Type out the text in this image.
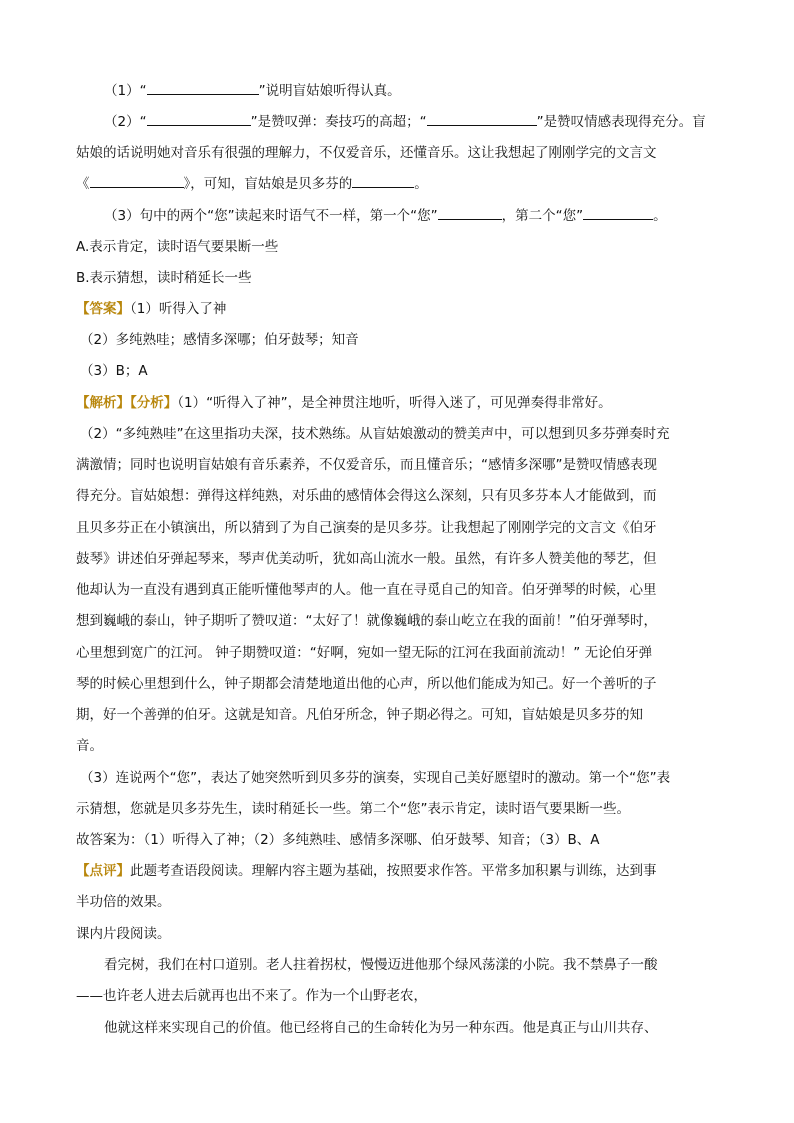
（1）“	”说明盲姑娘听得认真。
（2）“	”是赞叹弹：奏技巧的高超；“	”是赞叹情感表现得充分。盲
姑娘的话说明她对音乐有很强的理解力，不仅爱音乐，还懂音乐。这让我想起了刚刚学完的文言文
《	》，可知，盲姑娘是贝多芬的	。
（3）句中的两个“您”读起来时语气不一样，第一个“您”	，第二个“您”	。
A.表示肯定，读时语气要果断一些
B.表示猜想，读时稍延长一些
【答案】（1）听得入了神
（2）多纯熟哇；感情多深哪；伯牙鼓琴；知音
（3）B；A
【解析】【分析】（1）“听得入了神”，是全神贯注地听，听得入迷了，可见弹奏得非常好。
（2）“多纯熟哇”在这里指功夫深，技术熟练。从盲姑娘激动的赞美声中，可以想到贝多芬弹奏时充
满激情；同时也说明盲姑娘有音乐素养，不仅爱音乐，而且懂音乐；“感情多深哪”是赞叹情感表现
得充分。盲姑娘想：弹得这样纯熟，对乐曲的感情体会得这么深刻，只有贝多芬本人才能做到，而
且贝多芬正在小镇演出，所以猜到了为自己演奏的是贝多芬。让我想起了刚刚学完的文言文《伯牙
鼓琴》讲述伯牙弹起琴来，琴声优美动听，犹如高山流水一般。虽然，有许多人赞美他的琴艺，但
他却认为一直没有遇到真正能听懂他琴声的人。他一直在寻觅自己的知音。伯牙弹琴的时候，心里
想到巍峨的泰山，钟子期听了赞叹道：“太好了！就像巍峨的泰山屹立在我的面前！”伯牙弹琴时，
心里想到宽广的江河。 钟子期赞叹道：“好啊，宛如一望无际的江河在我面前流动！” 无论伯牙弹
琴的时候心里想到什么，钟子期都会清楚地道出他的心声，所以他们能成为知己。好一个善听的子
期，好一个善弹的伯牙。这就是知音。凡伯牙所念，钟子期必得之。可知，盲姑娘是贝多芬的知
音。
（3）连说两个“您”，表达了她突然听到贝多芬的演奏，实现自己美好愿望时的激动。第一个“您”表
示猜想，您就是贝多芬先生，读时稍延长一些。第二个“您”表示肯定，读时语气要果断一些。
故答案为：（1）听得入了神；（2）多纯熟哇、感情多深哪、伯牙鼓琴、知音；（3）B、A
【点评】此题考查语段阅读。理解内容主题为基础，按照要求作答。平常多加积累与训练，达到事
半功倍的效果。
课内片段阅读。
看完树，我们在村口道别。老人拄着拐杖，慢慢迈进他那个绿风荡漾的小院。我不禁鼻子一酸
——也许老人进去后就再也出不来了。作为一个山野老农，
他就这样来实现自己的价值。他已经将自己的生命转化为另一种东西。他是真正与山川共存、
